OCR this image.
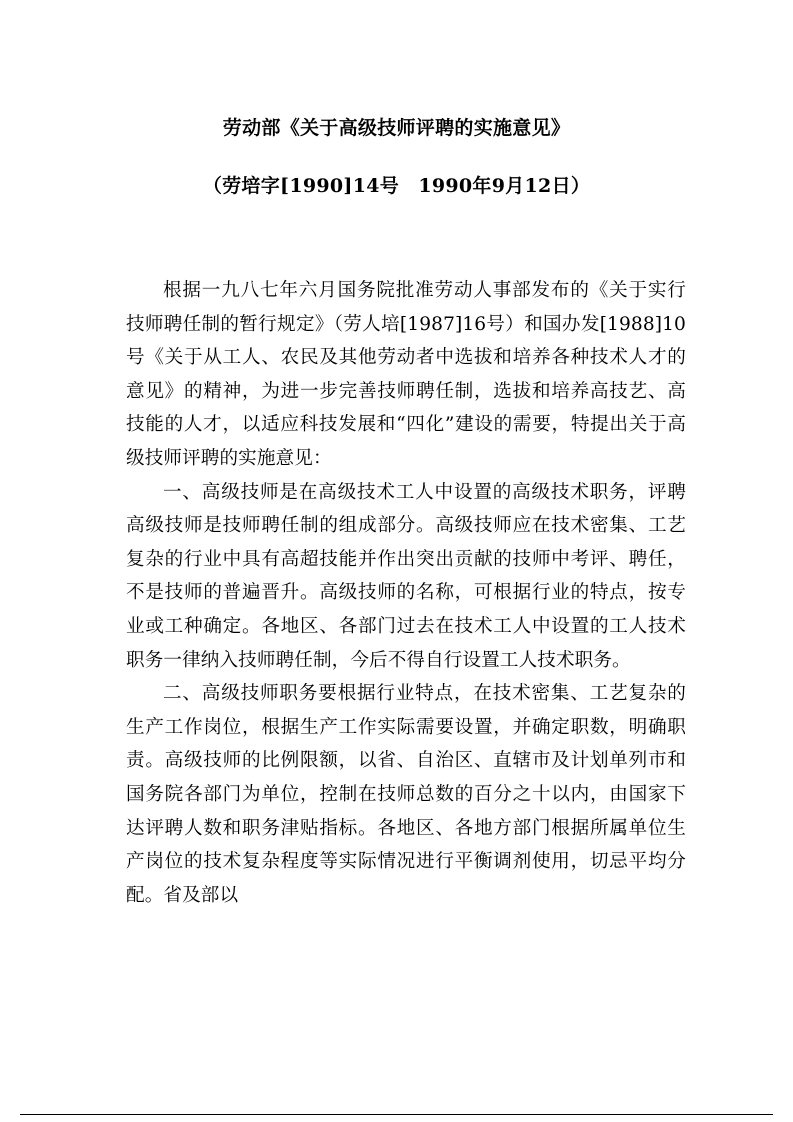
劳动部《关于高级技师评聘的实施意见》
（劳培字[1990]14号　1990年9月12日）

根据一九八七年六月国务院批准劳动人事部发布的《关于实行技师聘任制的暂行规定》（劳人培[1987]16号）和国办发[1988]10号《关于从工人、农民及其他劳动者中选拔和培养各种技术人才的意见》的精神，为进一步完善技师聘任制，选拔和培养高技艺、高技能的人才，以适应科技发展和“四化”建设的需要，特提出关于高级技师评聘的实施意见：

一、高级技师是在高级技术工人中设置的高级技术职务，评聘高级技师是技师聘任制的组成部分。高级技师应在技术密集、工艺复杂的行业中具有高超技能并作出突出贡献的技师中考评、聘任，不是技师的普遍晋升。高级技师的名称，可根据行业的特点，按专业或工种确定。各地区、各部门过去在技术工人中设置的工人技术职务一律纳入技师聘任制，今后不得自行设置工人技术职务。

二、高级技师职务要根据行业特点，在技术密集、工艺复杂的生产工作岗位，根据生产工作实际需要设置，并确定职数，明确职责。高级技师的比例限额，以省、自治区、直辖市及计划单列市和国务院各部门为单位，控制在技师总数的百分之十以内，由国家下达评聘人数和职务津贴指标。各地区、各地方部门根据所属单位生产岗位的技术复杂程度等实际情况进行平衡调剂使用，切忌平均分配。省及部以
